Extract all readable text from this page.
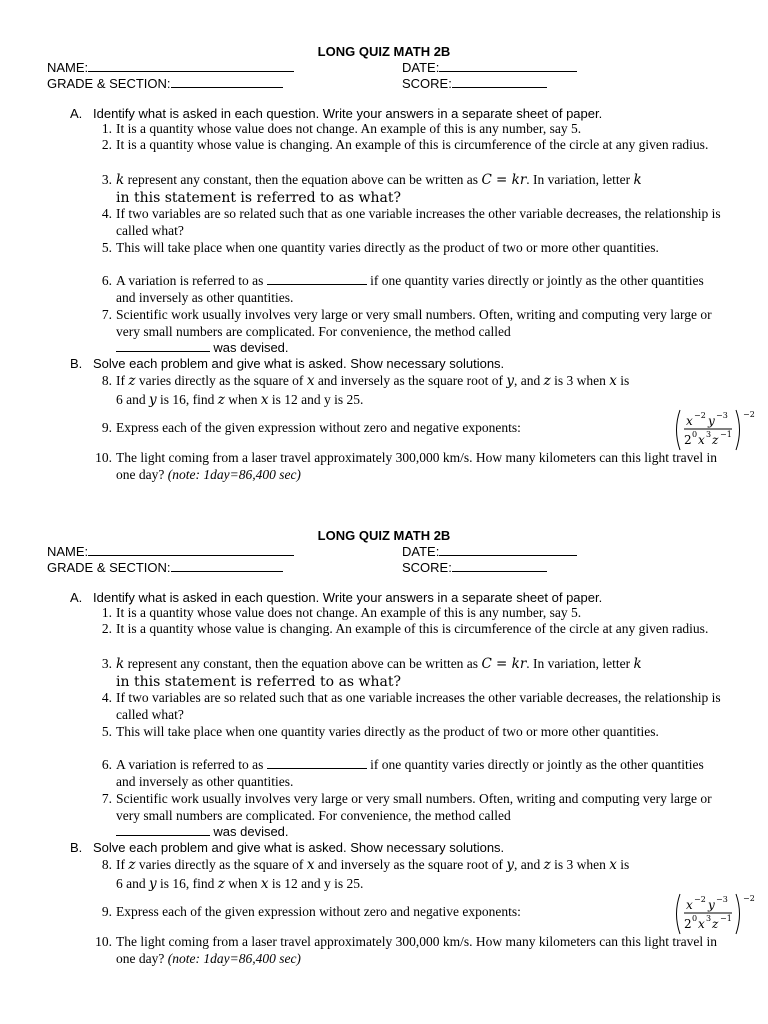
LONG QUIZ MATH 2B
NAME:	DATE:
GRADE & SECTION:	SCORE:
A. Identify what is asked in each question. Write your answers in a separate sheet of paper.
1. It is a quantity whose value does not change. An example of this is any number, say 5.
2. It is a quantity whose value is changing. An example of this is circumference of the circle at any given radius.
3. k represent any constant, then the equation above can be written as C = kr. In variation, letter k
in this statement is referred to as what?
4. If two variables are so related such that as one variable increases the other variable decreases, the relationship is called what?
5. This will take place when one quantity varies directly as the product of two or more other quantities.
6. A variation is referred to as	if one quantity varies directly or jointly as the other quantities and inversely as other quantities.
7. Scientific work usually involves very large or very small numbers. Often, writing and computing very large or very small numbers are complicated. For convenience, the method called
was devised.
B. Solve each problem and give what is asked. Show necessary solutions.
8. If z varies directly as the square of x and inversely as the square root of y, and z is 3 when x is
6 and y is 16, find z when x is 12 and y is 25.
9. Express each of the given expression without zero and negative exponents:	x −2 y −3
2 0 x 3 z −1
−2
10. The light coming from a laser travel approximately 300,000 km/s. How many kilometers can this light travel in one day? (note: 1day=86,400 sec)
LONG QUIZ MATH 2B
NAME:	DATE:
GRADE & SECTION:	SCORE:
A. Identify what is asked in each question. Write your answers in a separate sheet of paper.
1. It is a quantity whose value does not change. An example of this is any number, say 5.
2. It is a quantity whose value is changing. An example of this is circumference of the circle at any given radius.
3. k represent any constant, then the equation above can be written as C = kr. In variation, letter k
in this statement is referred to as what?
4. If two variables are so related such that as one variable increases the other variable decreases, the relationship is called what?
5. This will take place when one quantity varies directly as the product of two or more other quantities.
6. A variation is referred to as	if one quantity varies directly or jointly as the other quantities and inversely as other quantities.
7. Scientific work usually involves very large or very small numbers. Often, writing and computing very large or very small numbers are complicated. For convenience, the method called
was devised.
B. Solve each problem and give what is asked. Show necessary solutions.
8. If z varies directly as the square of x and inversely as the square root of y, and z is 3 when x is
6 and y is 16, find z when x is 12 and y is 25.
9. Express each of the given expression without zero and negative exponents:	x −2 y −3
2 0 x 3 z −1
−2
10. The light coming from a laser travel approximately 300,000 km/s. How many kilometers can this light travel in one day? (note: 1day=86,400 sec)
